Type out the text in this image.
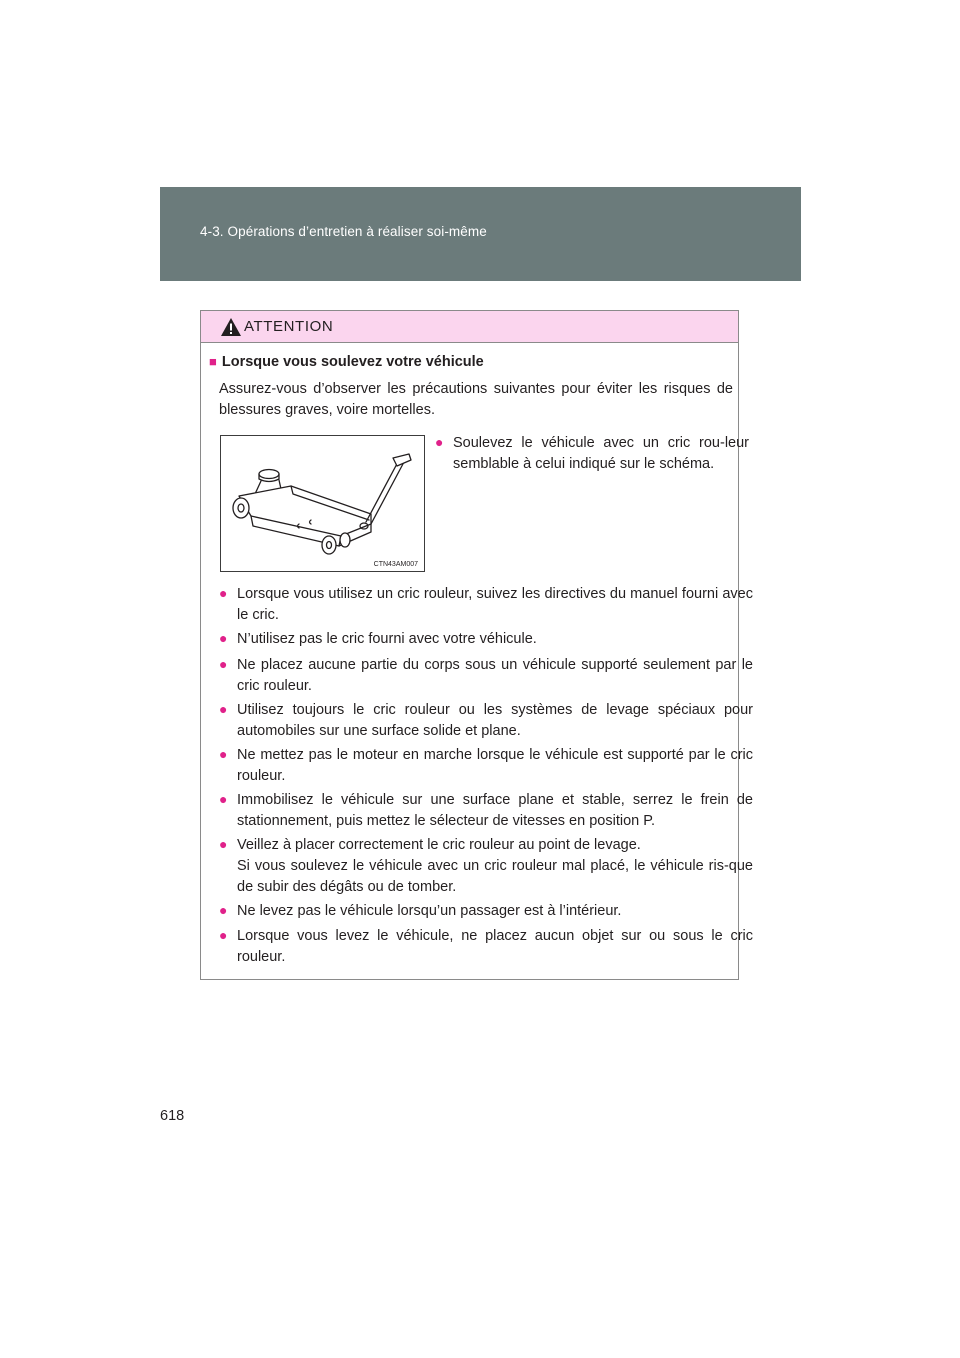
4-3. Opérations d’entretien à réaliser soi-même
ATTENTION
■ Lorsque vous soulevez votre véhicule
Assurez-vous d’observer les précautions suivantes pour éviter les risques de blessures graves, voire mortelles.
CTN43AM007
● Soulevez le véhicule avec un cric rou-leur semblable à celui indiqué sur le schéma.
● Lorsque vous utilisez un cric rouleur, suivez les directives du manuel fourni avec le cric.
● N’utilisez pas le cric fourni avec votre véhicule.
● Ne placez aucune partie du corps sous un véhicule supporté seulement par le cric rouleur.
● Utilisez toujours le cric rouleur ou les systèmes de levage spéciaux pour automobiles sur une surface solide et plane.
● Ne mettez pas le moteur en marche lorsque le véhicule est supporté par le cric rouleur.
● Immobilisez le véhicule sur une surface plane et stable, serrez le frein de stationnement, puis mettez le sélecteur de vitesses en position P.
● Veillez à placer correctement le cric rouleur au point de levage.
Si vous soulevez le véhicule avec un cric rouleur mal placé, le véhicule ris-que de subir des dégâts ou de tomber.
● Ne levez pas le véhicule lorsqu’un passager est à l’intérieur.
● Lorsque vous levez le véhicule, ne placez aucun objet sur ou sous le cric rouleur.
618
